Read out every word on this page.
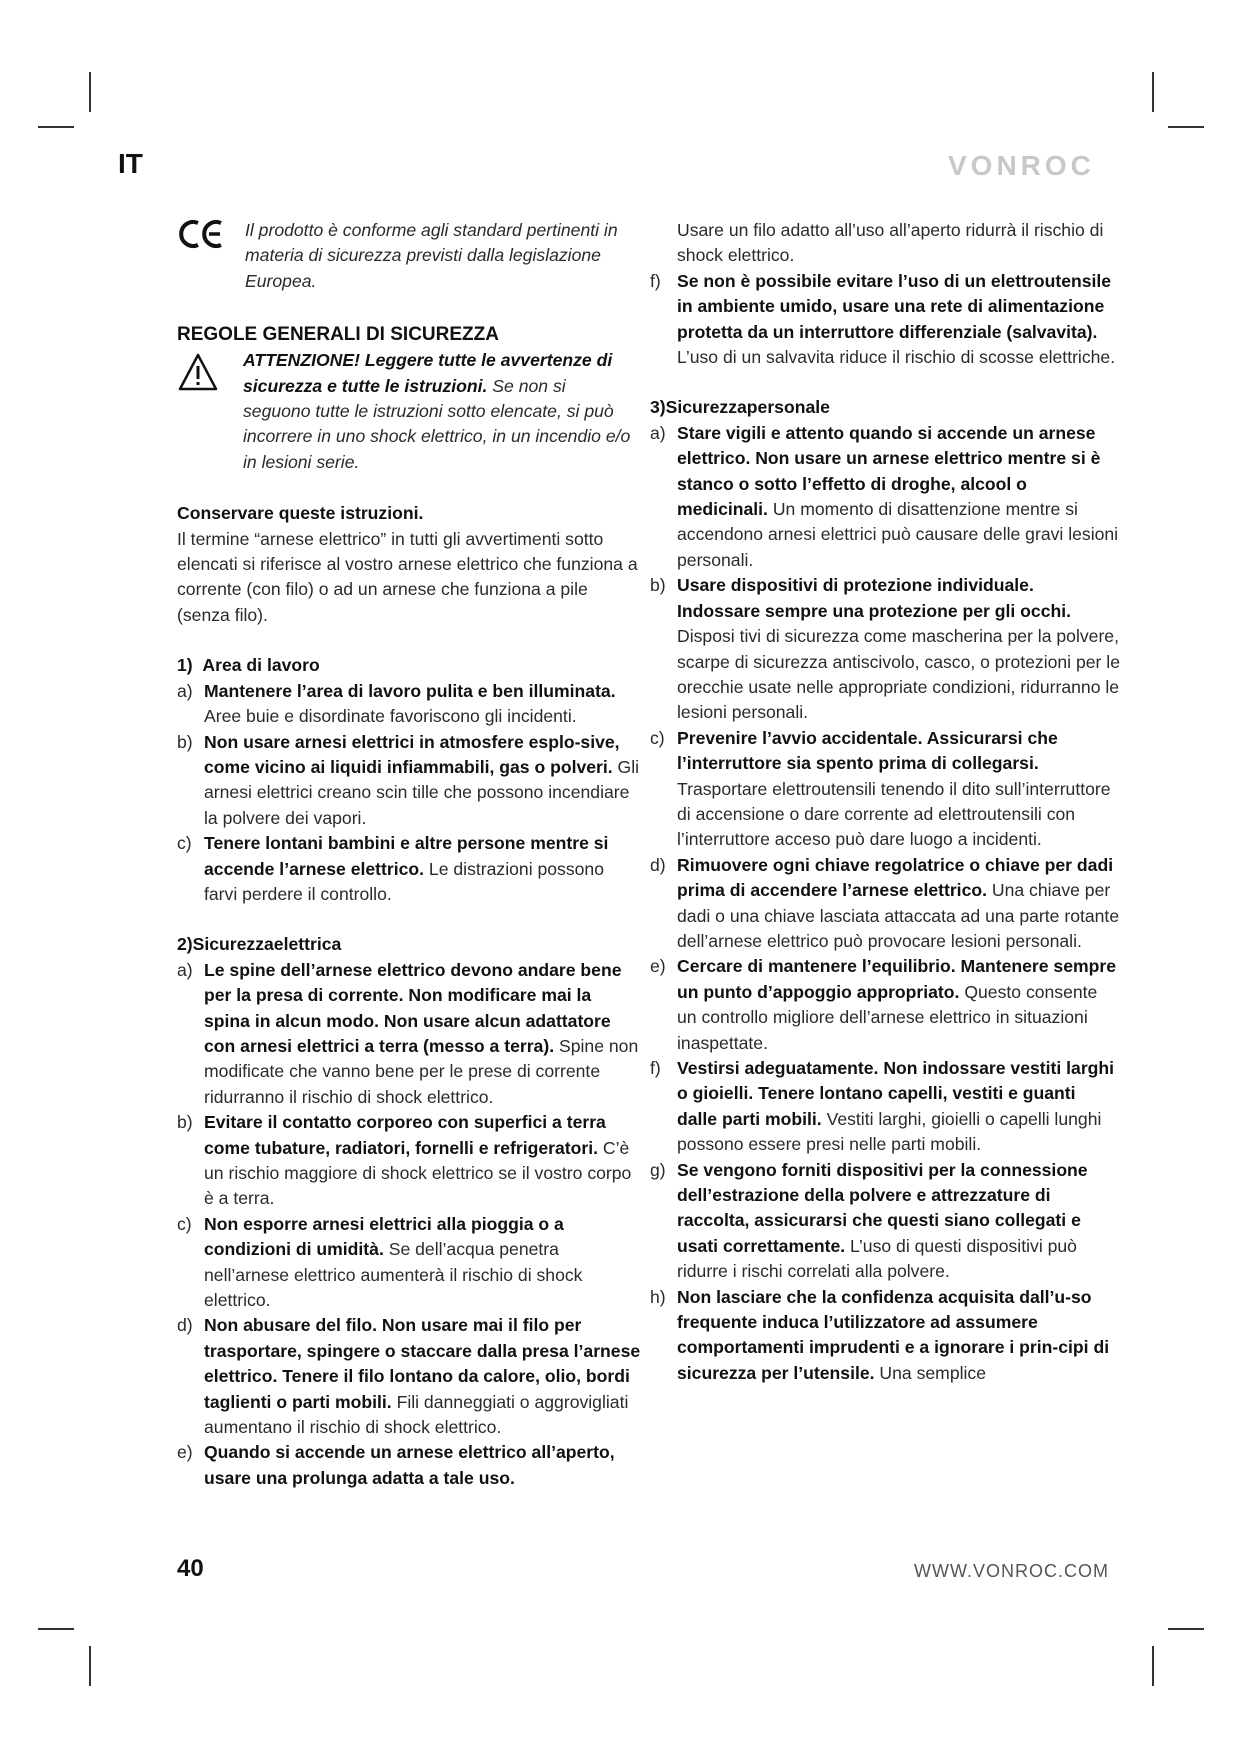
IT	VONROC
Il prodotto è conforme agli standard pertinenti in materia di sicurezza previsti dalla legislazione Europea.
REGOLE GENERALI DI SICUREZZA
ATTENZIONE! Leggere tutte le avvertenze di sicurezza e tutte le istruzioni. Se non si seguono tutte le istruzioni sotto elencate, si può incorrere in uno shock elettrico, in un incendio e/o in lesioni serie.
Conservare queste istruzioni.
Il termine “arnese elettrico” in tutti gli avvertimenti sotto elencati si riferisce al vostro arnese elettrico che funziona a corrente (con filo) o ad un arnese che funziona a pile (senza filo).
1)  Area di lavoro
a) Mantenere l’area di lavoro pulita e ben illuminata. Aree buie e disordinate favoriscono gli incidenti.
b) Non usare arnesi elettrici in atmosfere esplo-sive, come vicino ai liquidi infiammabili, gas o polveri. Gli arnesi elettrici creano scin tille che possono incendiare la polvere dei vapori.
c) Tenere lontani bambini e altre persone mentre si accende l’arnese elettrico. Le distrazioni possono farvi perdere il controllo.
2)Sicurezzaelettrica
a) Le spine dell’arnese elettrico devono andare bene per la presa di corrente. Non modificare mai la spina in alcun modo. Non usare alcun adattatore con arnesi elettrici a terra (messo a terra). Spine non modificate che vanno bene per le prese di corrente ridurranno il rischio di shock elettrico.
b) Evitare il contatto corporeo con superfici a terra come tubature, radiatori, fornelli e refrigeratori. C’è un rischio maggiore di shock elettrico se il vostro corpo è a terra.
c) Non esporre arnesi elettrici alla pioggia o a condizioni di umidità. Se dell’acqua penetra nell’arnese elettrico aumenterà il rischio di shock elettrico.
d) Non abusare del filo. Non usare mai il filo per trasportare, spingere o staccare dalla presa l’arnese elettrico. Tenere il filo lontano da calore, olio, bordi taglienti o parti mobili. Fili danneggiati o aggrovigliati aumentano il rischio di shock elettrico.
e) Quando si accende un arnese elettrico all’aperto, usare una prolunga adatta a tale uso.
Usare un filo adatto all’uso all’aperto ridurrà il rischio di shock elettrico.
f) Se non è possibile evitare l’uso di un elettroutensile in ambiente umido, usare una rete di alimentazione protetta da un interruttore differenziale (salvavita). L’uso di un salvavita riduce il rischio di scosse elettriche.
3)Sicurezzapersonale
a) Stare vigili e attento quando si accende un arnese elettrico. Non usare un arnese elettrico mentre si è stanco o sotto l’effetto di droghe, alcool o medicinali. Un momento di disattenzione mentre si accendono arnesi elettrici può causare delle gravi lesioni personali.
b) Usare dispositivi di protezione individuale. Indossare sempre una protezione per gli occhi. Disposi tivi di sicurezza come mascherina per la polvere, scarpe di sicurezza antiscivolo, casco, o protezioni per le orecchie usate nelle appropriate condizioni, ridurranno le lesioni personali.
c) Prevenire l’avvio accidentale. Assicurarsi che l’interruttore sia spento prima di collegarsi. Trasportare elettroutensili tenendo il dito sull’interruttore di accensione o dare corrente ad elettroutensili con l’interruttore acceso può dare luogo a incidenti.
d) Rimuovere ogni chiave regolatrice o chiave per dadi prima di accendere l’arnese elettrico. Una chiave per dadi o una chiave lasciata attaccata ad una parte rotante dell’arnese elettrico può provocare lesioni personali.
e) Cercare di mantenere l’equilibrio. Mantenere sempre un punto d’appoggio appropriato. Questo consente un controllo migliore dell’arnese elettrico in situazioni inaspettate.
f) Vestirsi adeguatamente. Non indossare vestiti larghi o gioielli. Tenere lontano capelli, vestiti e guanti dalle parti mobili. Vestiti larghi, gioielli o capelli lunghi possono essere presi nelle parti mobili.
g) Se vengono forniti dispositivi per la connessione dell’estrazione della polvere e attrezzature di raccolta, assicurarsi che questi siano collegati e usati correttamente. L’uso di questi dispositivi può ridurre i rischi correlati alla polvere.
h) Non lasciare che la confidenza acquisita dall’u-so frequente induca l’utilizzatore ad assumere comportamenti imprudenti e a ignorare i prin-cipi di sicurezza per l’utensile. Una semplice
40	WWW.VONROC.COM
